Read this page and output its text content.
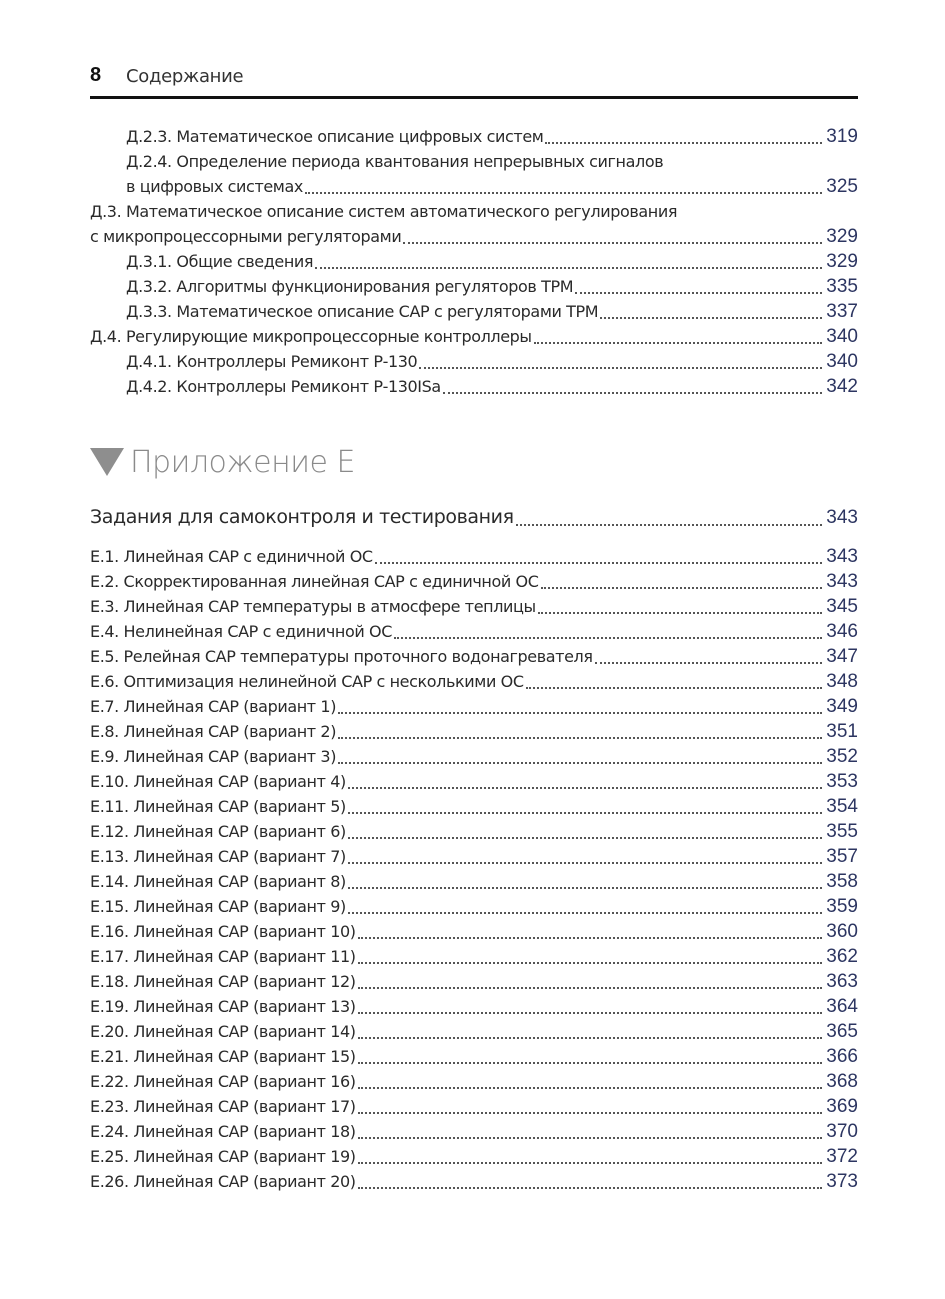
8 Содержание
Д.2.3. Математическое описание цифровых систем	319
Д.2.4. Определение периода квантования непрерывных сигналов
в цифровых системах	325
Д.3. Математическое описание систем автоматического регулирования
с микропроцессорными регуляторами	329
Д.3.1. Общие сведения	329
Д.3.2. Алгоритмы функционирования регуляторов ТРМ	335
Д.3.3. Математическое описание САР с регуляторами ТРМ	337
Д.4. Регулирующие микропроцессорные контроллеры	340
Д.4.1. Контроллеры Ремиконт Р-130	340
Д.4.2. Контроллеры Ремиконт Р-130ISa	342
Приложение Е
Задания для самоконтроля и тестирования	343
Е.1. Линейная САР с единичной ОС	343
Е.2. Скорректированная линейная САР с единичной ОС	343
Е.3. Линейная САР температуры в атмосфере теплицы	345
Е.4. Нелинейная САР с единичной ОС	346
Е.5. Релейная САР температуры проточного водонагревателя	347
Е.6. Оптимизация нелинейной САР с несколькими ОС	348
Е.7. Линейная САР (вариант 1)	349
Е.8. Линейная САР (вариант 2)	351
Е.9. Линейная САР (вариант 3)	352
Е.10. Линейная САР (вариант 4)	353
Е.11. Линейная САР (вариант 5)	354
Е.12. Линейная САР (вариант 6)	355
Е.13. Линейная САР (вариант 7)	357
Е.14. Линейная САР (вариант 8)	358
Е.15. Линейная САР (вариант 9)	359
Е.16. Линейная САР (вариант 10)	360
Е.17. Линейная САР (вариант 11)	362
Е.18. Линейная САР (вариант 12)	363
Е.19. Линейная САР (вариант 13)	364
Е.20. Линейная САР (вариант 14)	365
Е.21. Линейная САР (вариант 15)	366
Е.22. Линейная САР (вариант 16)	368
Е.23. Линейная САР (вариант 17)	369
Е.24. Линейная САР (вариант 18)	370
Е.25. Линейная САР (вариант 19)	372
Е.26. Линейная САР (вариант 20)	373
